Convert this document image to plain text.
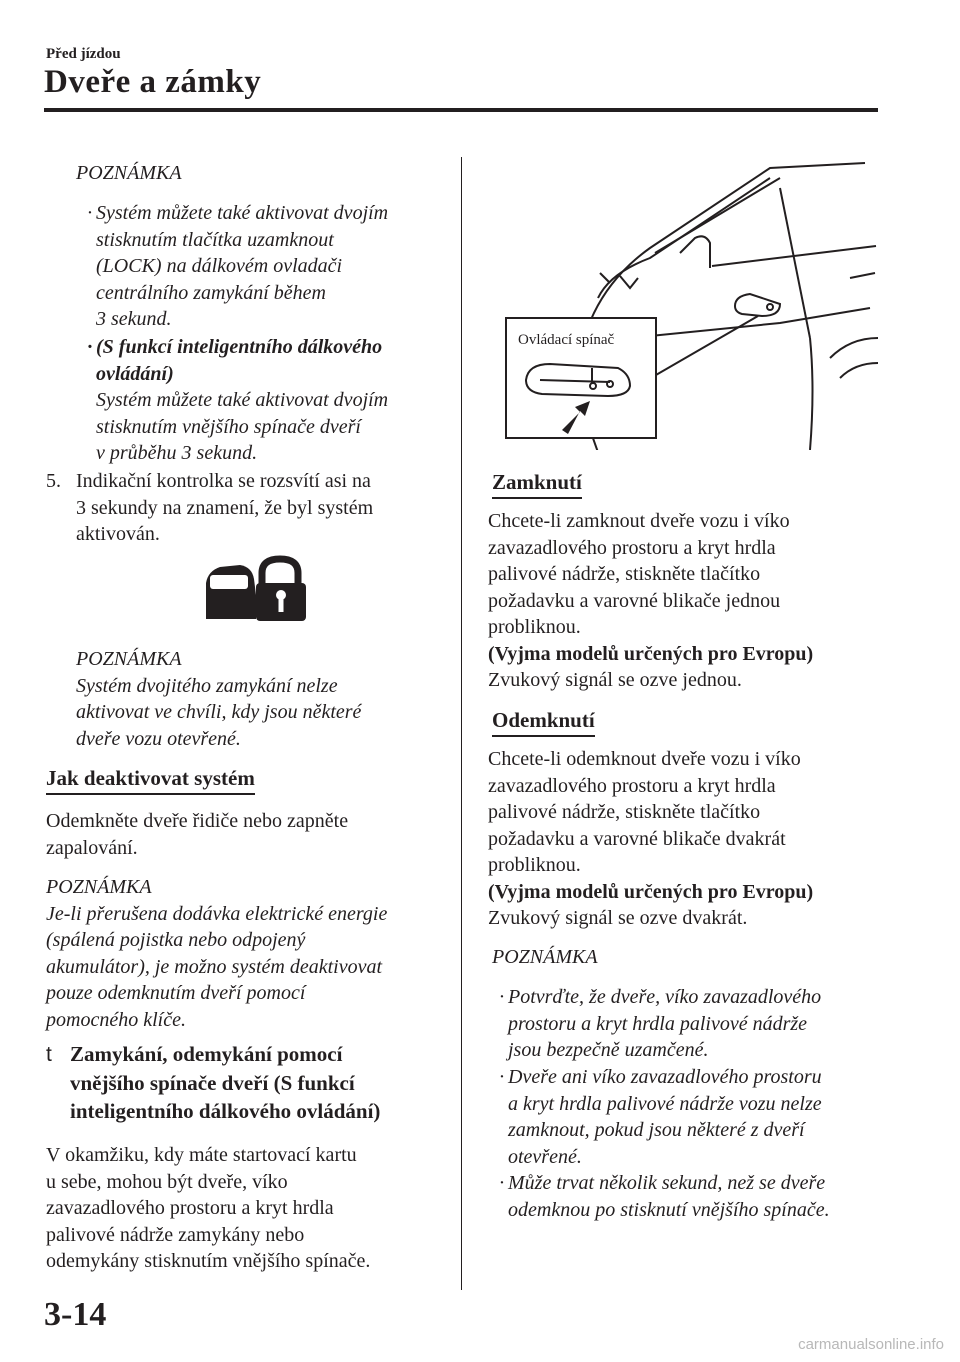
Před jízdou
Dveře a zámky
POZNÁMKA
· Systém můžete také aktivovat dvojím
stisknutím tlačítka uzamknout
(LOCK) na dálkovém ovladači
centrálního zamykání během
3 sekund.
· (S funkcí inteligentního dálkového
ovládání)
Systém můžete také aktivovat dvojím
stisknutím vnějšího spínače dveří
v průběhu 3 sekund.
5. Indikační kontrolka se rozsvítí asi na
3 sekundy na znamení, že byl systém
aktivován.
POZNÁMKA
Systém dvojitého zamykání nelze
aktivovat ve chvíli, kdy jsou některé
dveře vozu otevřené.
Jak deaktivovat systém
Odemkněte dveře řidiče nebo zapněte
zapalování.
POZNÁMKA
Je-li přerušena dodávka elektrické energie
(spálená pojistka nebo odpojený
akumulátor), je možno systém deaktivovat
pouze odemknutím dveří pomocí
pomocného klíče.
t Zamykání, odemykání pomocí
vnějšího spínače dveří (S funkcí
inteligentního dálkového ovládání)
V okamžiku, kdy máte startovací kartu
u sebe, mohou být dveře, víko
zavazadlového prostoru a kryt hrdla
palivové nádrže zamykány nebo
odemykány stisknutím vnějšího spínače.
Ovládací spínač
Zamknutí
Chcete-li zamknout dveře vozu i víko
zavazadlového prostoru a kryt hrdla
palivové nádrže, stiskněte tlačítko
požadavku a varovné blikače jednou
probliknou.
(Vyjma modelů určených pro Evropu)
Zvukový signál se ozve jednou.
Odemknutí
Chcete-li odemknout dveře vozu i víko
zavazadlového prostoru a kryt hrdla
palivové nádrže, stiskněte tlačítko
požadavku a varovné blikače dvakrát
probliknou.
(Vyjma modelů určených pro Evropu)
Zvukový signál se ozve dvakrát.
POZNÁMKA
· Potvrďte, že dveře, víko zavazadlového
prostoru a kryt hrdla palivové nádrže
jsou bezpečně uzamčené.
· Dveře ani víko zavazadlového prostoru
a kryt hrdla palivové nádrže vozu nelze
zamknout, pokud jsou některé z dveří
otevřené.
· Může trvat několik sekund, než se dveře
odemknou po stisknutí vnějšího spínače.
3-14
carmanualsonline.info
